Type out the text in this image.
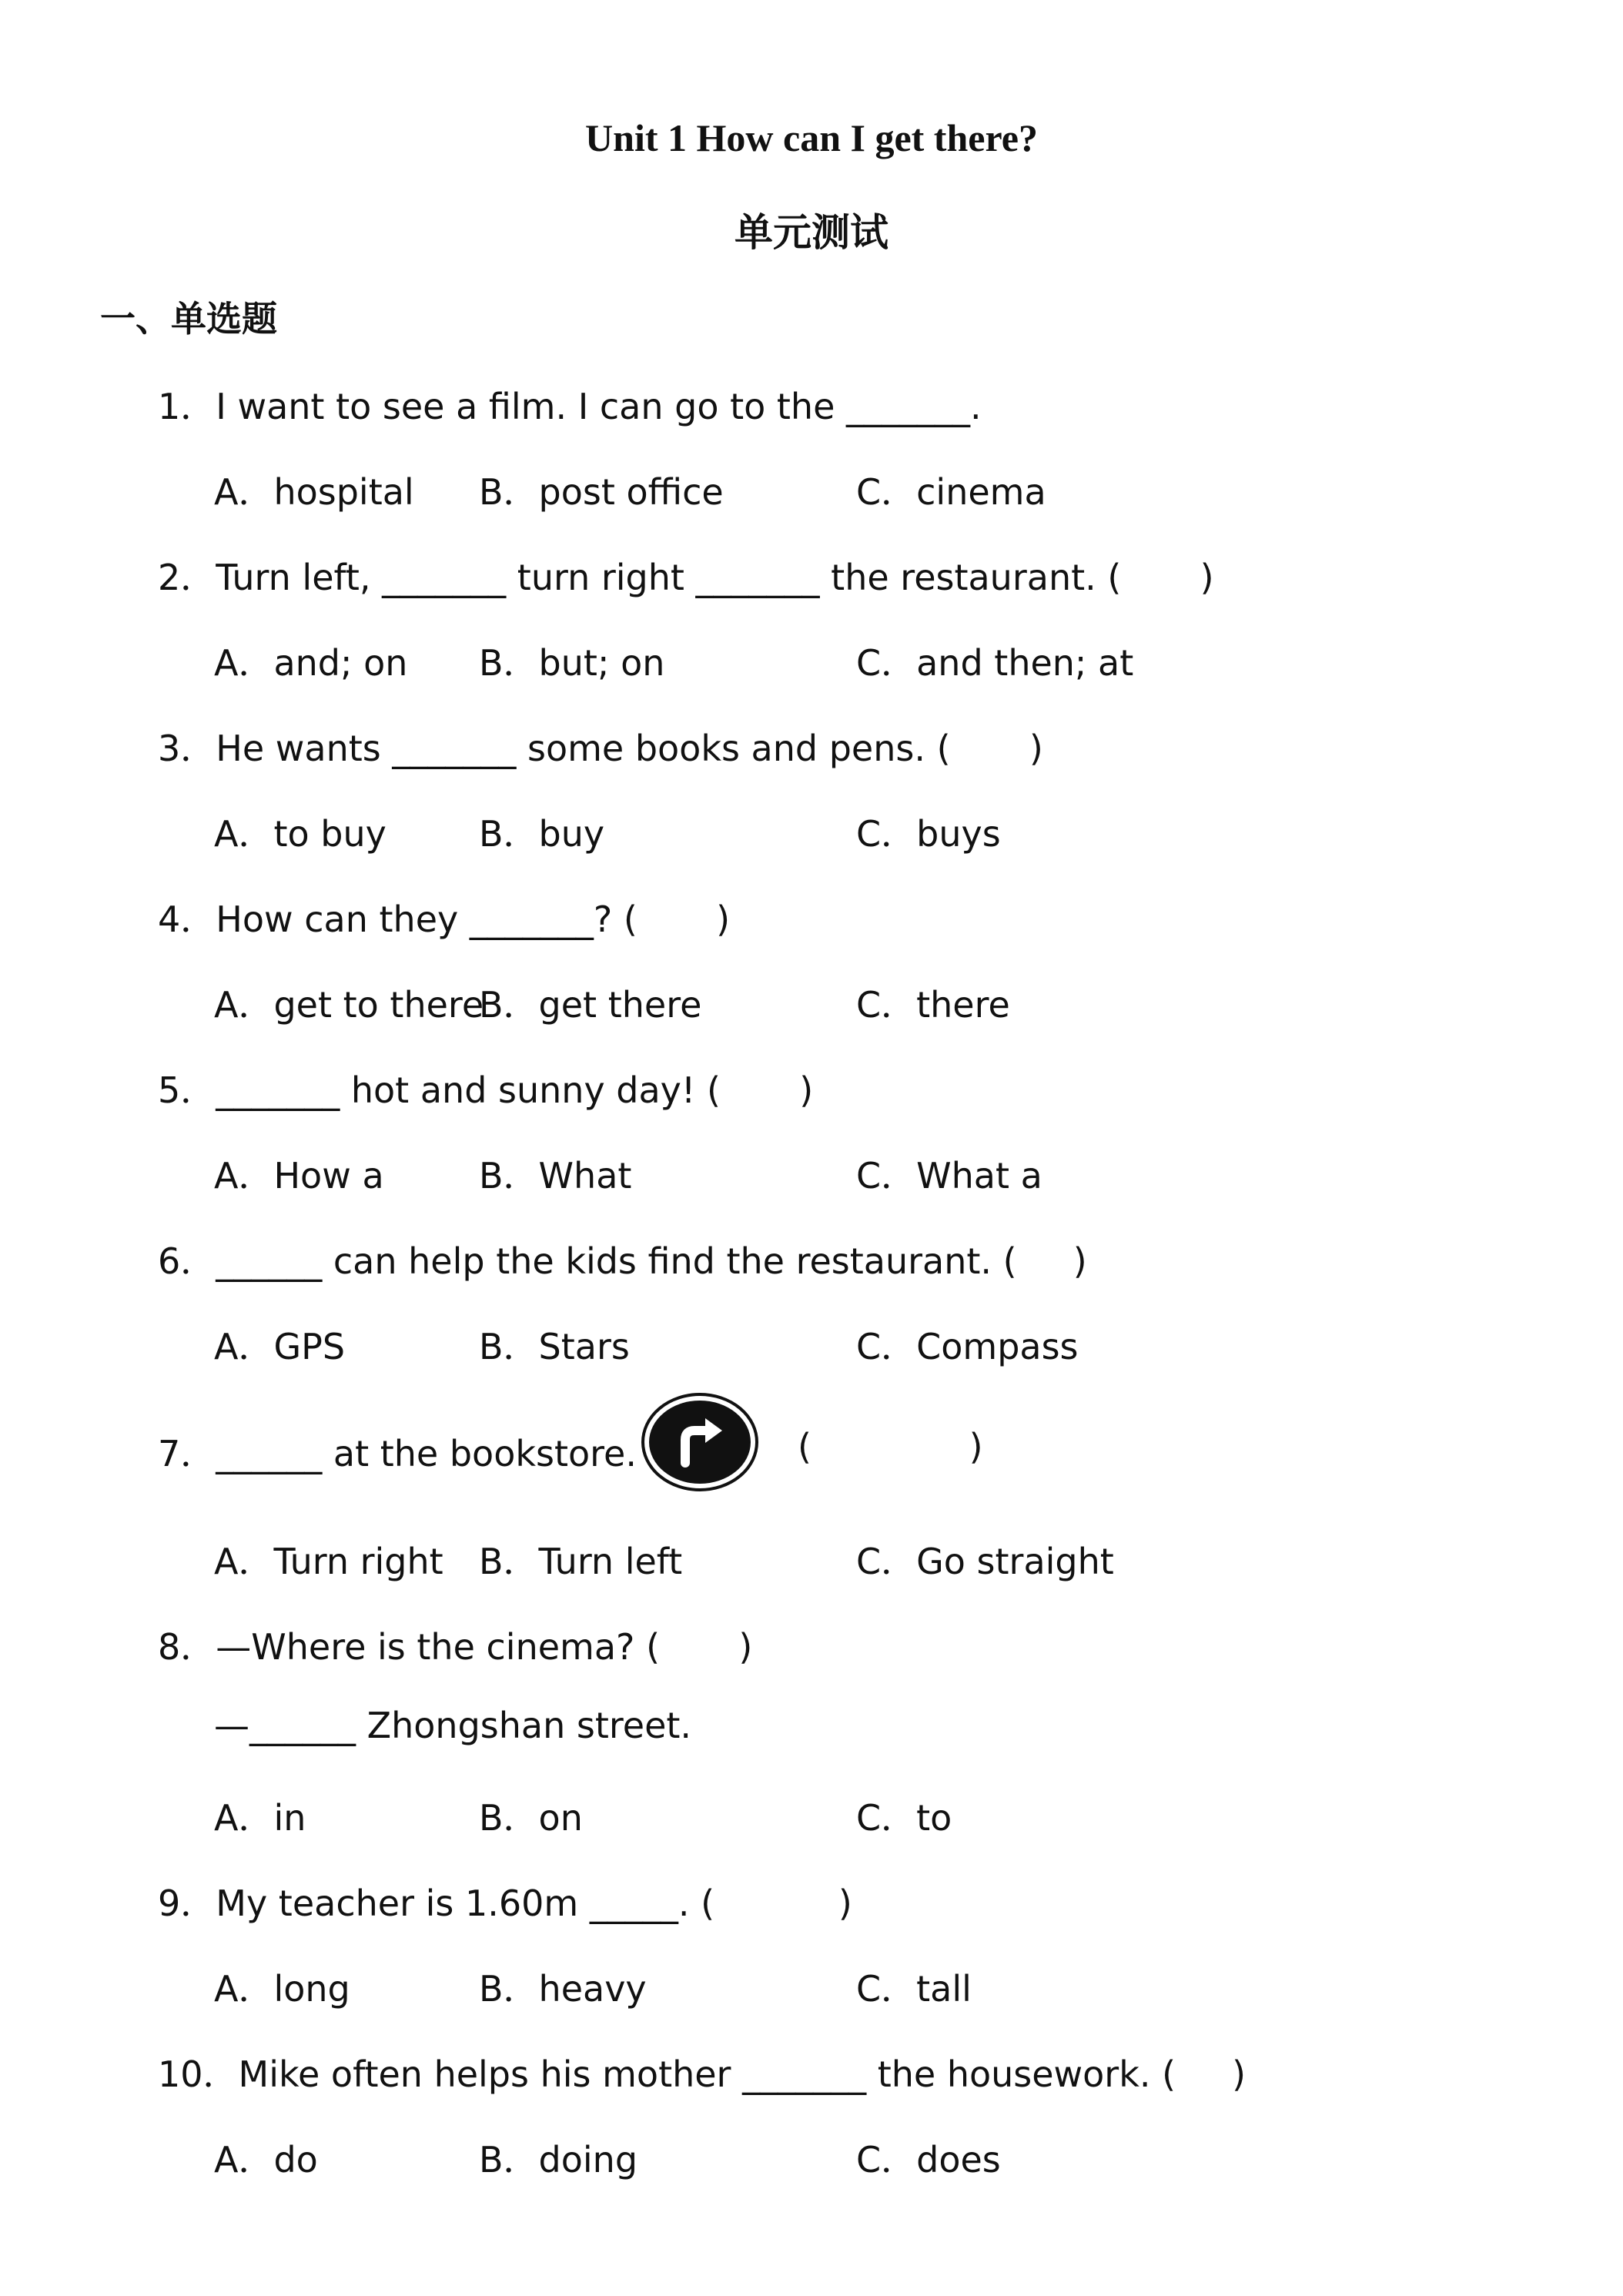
Unit 1 How can I get there?
单元测试
一、单选题
1．I want to see a film. I can go to the _______.
A．hospital B．post office	C．cinema
2．Turn left, _______ turn right _______ the restaurant. (       )
A．and; on B．but; on	C．and then; at
3．He wants _______ some books and pens. (       )
A．to buy	B．buy	C．buys
4．How can they _______? (       )
A．get to there
B．get there	C．there
5．_______ hot and sunny day! (       )
A．How a	B．What	C．What a
6．______ can help the kids find the restaurant. (     )
A．GPS	B．Stars	C．Compass
7．______ at the bookstore.	(              )
A．Turn right B．Turn left	C．Go straight
8．—Where is the cinema? (       )
—______ Zhongshan street.
A．in	B．on	C．to
9．My teacher is 1.60m _____. (           )
A．long	B．heavy	C．tall
10．Mike often helps his mother _______ the housework. (     )
A．do	B．doing	C．does
